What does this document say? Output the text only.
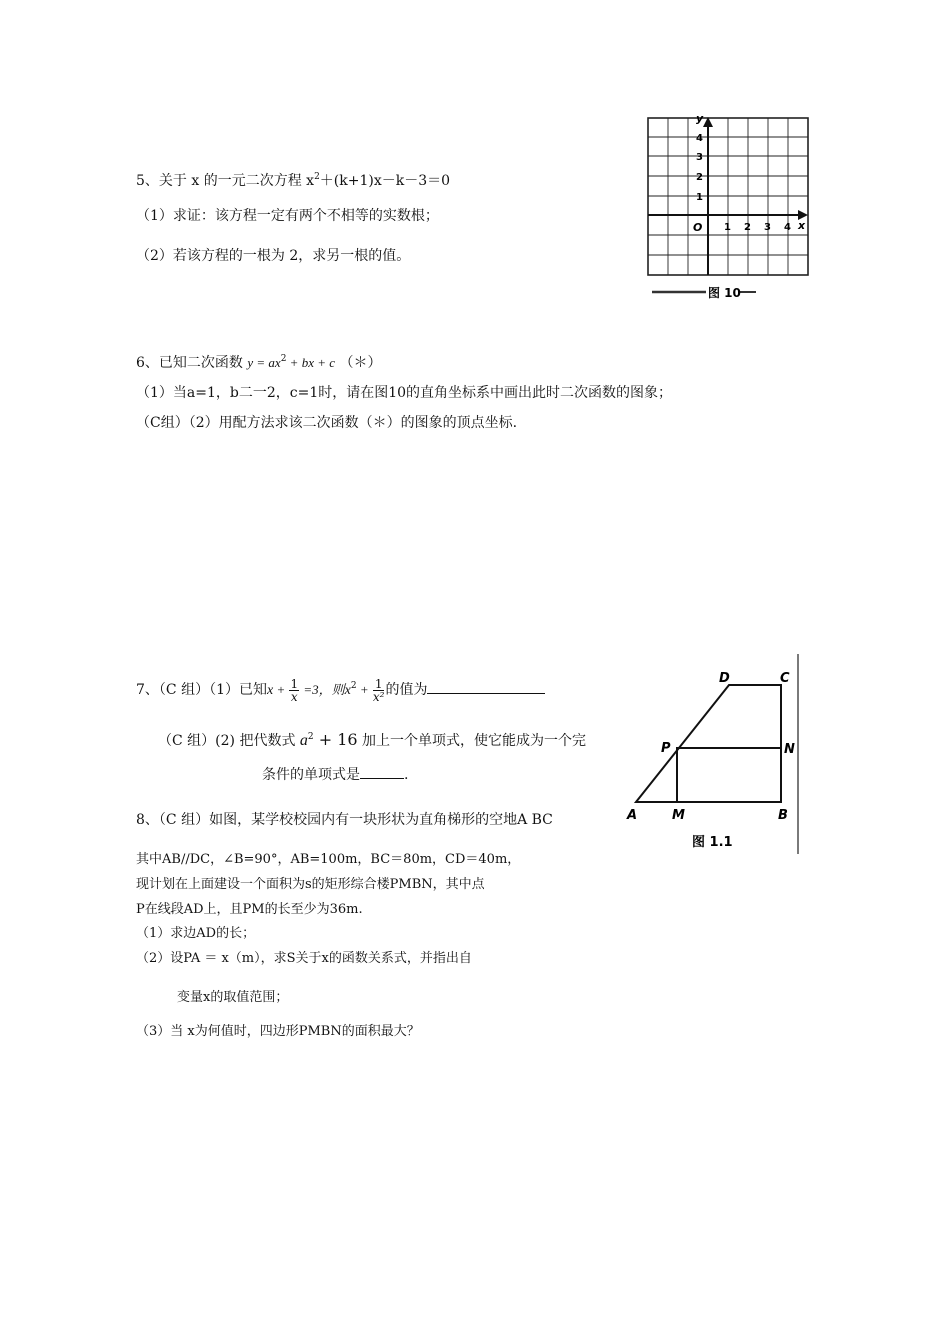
5、关于 x 的一元二次方程 $x^2+(k+1)x-k-3=0$
（1）求证：该方程一定有两个不相等的实数根；
（2）若该方程的一根为 2，求另一根的值。
y
x
O
4
3
2
1
1 2 3 4
图 10
6、已知二次函数 $y = ax^2$ + bx + c （＊）
（1）当a=1，b二一2，c=1时，请在图10的直角坐标系中画出此时二次函数的图象；
（C组）（2）用配方法求该二次函数（＊）的图象的顶点坐标.
7、（C 组）（1）已知$x + \frac{1}{x} =3$，则$x^2 + \frac{1}{\text{x²}}$ 的值为
（C 组）(2) 把代数式 $a^2 + 16$ 加上一个单项式，使它能成为一个完
条件的单项式是	.
D	C
P	N
A	M	B
图 1.1
8、（C 组）如图，某学校校园内有一块形状为直角梯形的空地A BC
其中AB//DC，∠B=90°，AB=100m，BC＝80m，CD＝40m，
现计划在上面建设一个面积为s的矩形综合楼PMBN，其中点
P在线段AD上，且PM的长至少为36m.
（1）求边AD的长；
（2）设PA ＝ x（m），求S关于x的函数关系式，并指出自
变量x的取值范围；
（3）当 x为何值时，四边形PMBN的面积最大？
